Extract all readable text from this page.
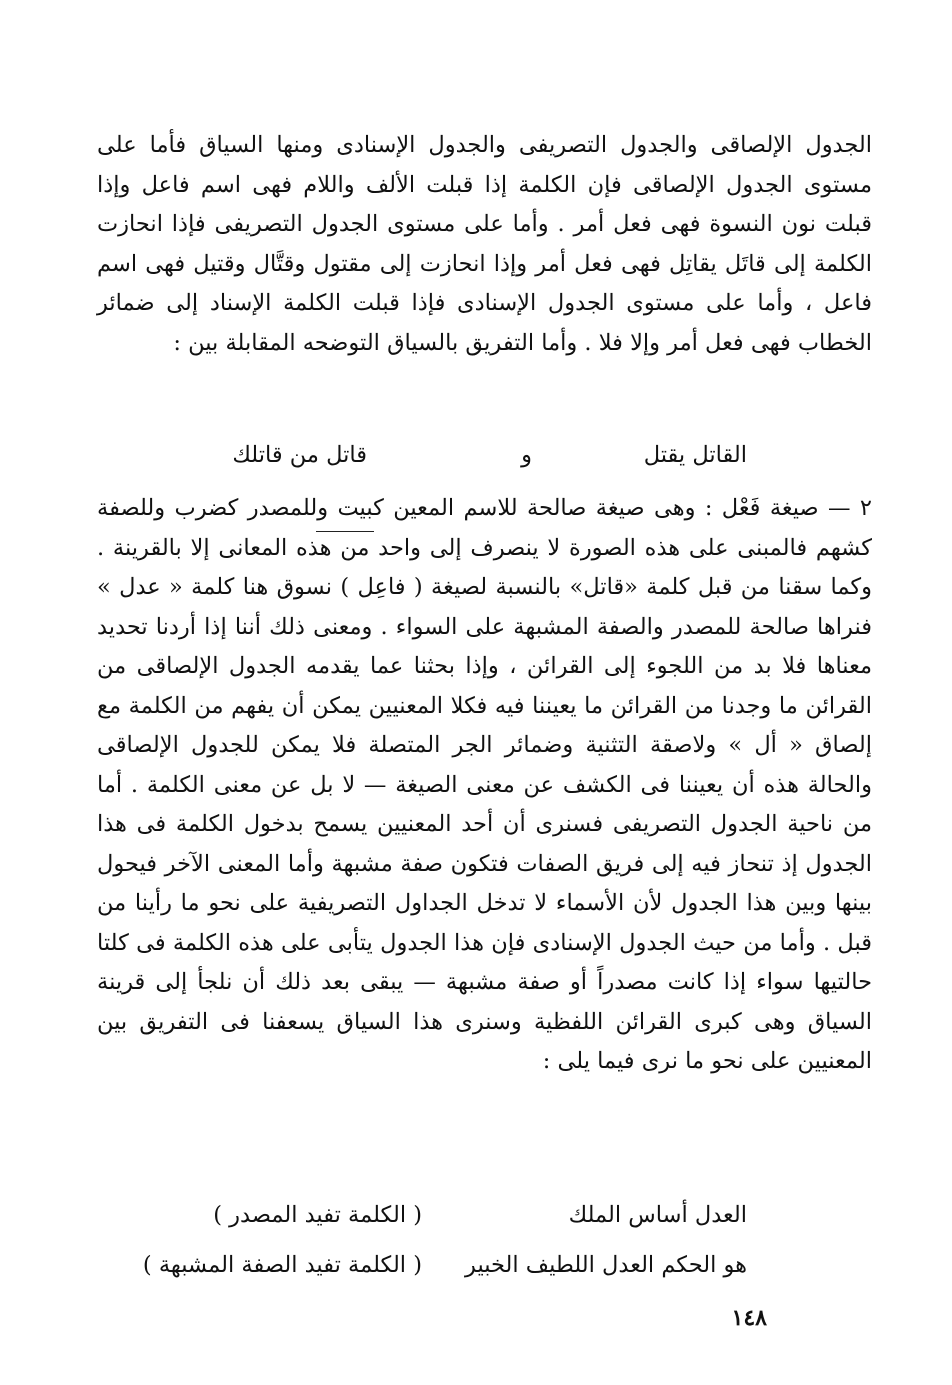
الجدول الإلصاقى والجدول التصريفى والجدول الإسنادى ومنها السياق فأما على مستوى الجدول الإلصاقى فإن الكلمة إذا قبلت الألف واللام فهى اسم فاعل وإذا قبلت نون النسوة فهى فعل أمر . وأما على مستوى الجدول التصريفى فإذا انحازت الكلمة إلى قاتَل يقاتِل فهى فعل أمر وإذا انحازت إلى مقتول وقتَّال وقتيل فهى اسم فاعل ، وأما على مستوى الجدول الإسنادى فإذا قبلت الكلمة الإسناد إلى ضمائر الخطاب فهى فعل أمر وإلا فلا . وأما التفريق بالسياق التوضحه المقابلة بين :

القاتل يقتل
و
قاتل من قاتلك

٢ — صيغة فَعْل : وهى صيغة صالحة للاسم المعين كبيت وللمصدر كضرب وللصفة كشهم فالمبنى على هذه الصورة لا ينصرف إلى واحد من هذه المعانى إلا بالقرينة . وكما سقنا من قبل كلمة «قاتل» بالنسبة لصيغة ( فاعِل ) نسوق هنا كلمة « عدل » فنراها صالحة للمصدر والصفة المشبهة على السواء . ومعنى ذلك أننا إذا أردنا تحديد معناها فلا بد من اللجوء إلى القرائن ، وإذا بحثنا عما يقدمه الجدول الإلصاقى من القرائن ما وجدنا من القرائن ما يعيننا فيه فكلا المعنيين يمكن أن يفهم من الكلمة مع إلصاق « أل » ولاصقة التثنية وضمائر الجر المتصلة فلا يمكن للجدول الإلصاقى والحالة هذه أن يعيننا فى الكشف عن معنى الصيغة — لا بل عن معنى الكلمة . أما من ناحية الجدول التصريفى فسنرى أن أحد المعنيين يسمح بدخول الكلمة فى هذا الجدول إذ تنحاز فيه إلى فريق الصفات فتكون صفة مشبهة وأما المعنى الآخر فيحول بينها وبين هذا الجدول لأن الأسماء لا تدخل الجداول التصريفية على نحو ما رأينا من قبل . وأما من حيث الجدول الإسنادى فإن هذا الجدول يتأبى على هذه الكلمة فى كلتا حالتيها سواء إذا كانت مصدراً أو صفة مشبهة — يبقى بعد ذلك أن نلجأ إلى قرينة السياق وهى كبرى القرائن اللفظية وسنرى هذا السياق يسعفنا فى التفريق بين المعنيين على نحو ما نرى فيما يلى :

العدل أساس الملك
( الكلمة تفيد المصدر )
هو الحكم العدل اللطيف الخبير
( الكلمة تفيد الصفة المشبهة )
١٤٨
